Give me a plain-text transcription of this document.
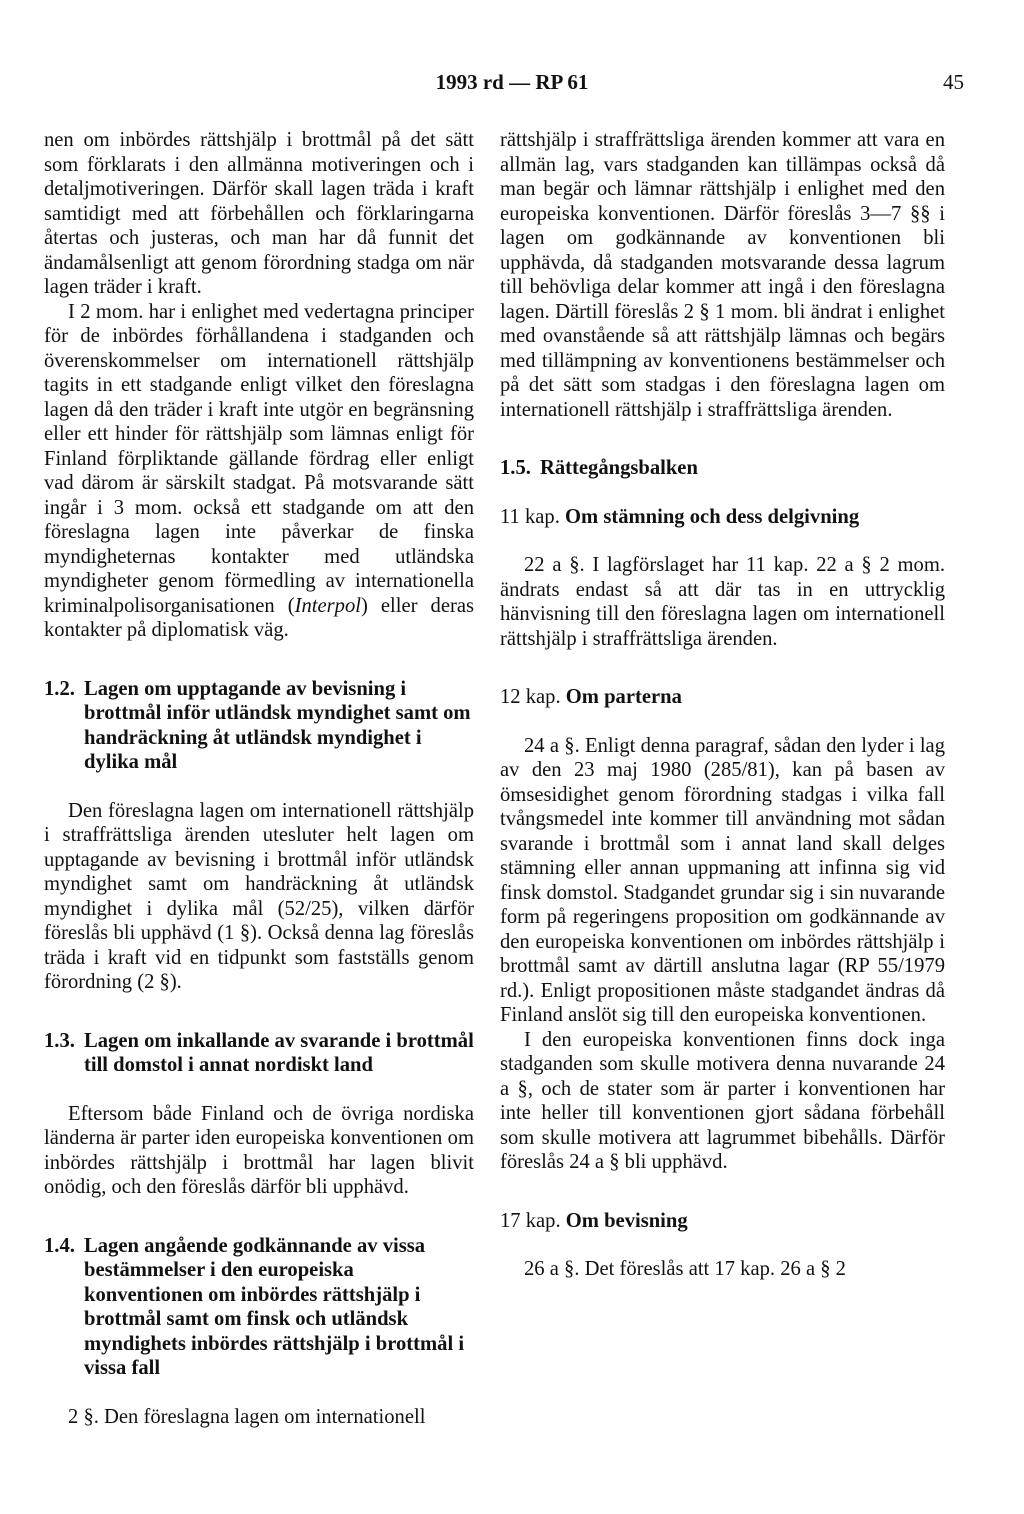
1993 rd — RP 61	45

nen om inbördes rättshjälp i brottmål på det sätt som förklarats i den allmänna motiveringen och i detaljmotiveringen. Därför skall lagen träda i kraft samtidigt med att förbehållen och förklaringarna återtas och justeras, och man har då funnit det ändamålsenligt att genom förordning stadga om när lagen träder i kraft.

I 2 mom. har i enlighet med vedertagna principer för de inbördes förhållandena i stadganden och överenskommelser om internationell rättshjälp tagits in ett stadgande enligt vilket den föreslagna lagen då den träder i kraft inte utgör en begränsning eller ett hinder för rättshjälp som lämnas enligt för Finland förpliktande gällande fördrag eller enligt vad därom är särskilt stadgat. På motsvarande sätt ingår i 3 mom. också ett stadgande om att den föreslagna lagen inte påverkar de finska myndigheternas kontakter med utländska myndigheter genom förmedling av internationella kriminalpolisorganisationen (Interpol) eller deras kontakter på diplomatisk väg.

1.2. Lagen om upptagande av bevisning i brottmål inför utländsk myndighet samt om handräckning åt utländsk myndighet i dylika mål

Den föreslagna lagen om internationell rättshjälp i straffrättsliga ärenden utesluter helt lagen om upptagande av bevisning i brottmål inför utländsk myndighet samt om handräckning åt utländsk myndighet i dylika mål (52/25), vilken därför föreslås bli upphävd (1 §). Också denna lag föreslås träda i kraft vid en tidpunkt som fastställs genom förordning (2 §).

1.3. Lagen om inkallande av svarande i brottmål till domstol i annat nordiskt land

Eftersom både Finland och de övriga nordiska länderna är parter iden europeiska konventionen om inbördes rättshjälp i brottmål har lagen blivit onödig, och den föreslås därför bli upphävd.

1.4. Lagen angående godkännande av vissa bestämmelser i den europeiska konventionen om inbördes rättshjälp i brottmål samt om finsk och utländsk myndighets inbördes rättshjälp i brottmål i vissa fall

2 §. Den föreslagna lagen om internationell

rättshjälp i straffrättsliga ärenden kommer att vara en allmän lag, vars stadganden kan tillämpas också då man begär och lämnar rättshjälp i enlighet med den europeiska konventionen. Därför föreslås 3—7 §§ i lagen om godkännande av konventionen bli upphävda, då stadganden motsvarande dessa lagrum till behövliga delar kommer att ingå i den föreslagna lagen. Därtill föreslås 2 § 1 mom. bli ändrat i enlighet med ovanstående så att rättshjälp lämnas och begärs med tillämpning av konventionens bestämmelser och på det sätt som stadgas i den föreslagna lagen om internationell rättshjälp i straffrättsliga ärenden.

1.5. Rättegångsbalken

11 kap. Om stämning och dess delgivning

22 a §. I lagförslaget har 11 kap. 22 a § 2 mom. ändrats endast så att där tas in en uttrycklig hänvisning till den föreslagna lagen om internationell rättshjälp i straffrättsliga ärenden.

12 kap. Om parterna

24 a §. Enligt denna paragraf, sådan den lyder i lag av den 23 maj 1980 (285/81), kan på basen av ömsesidighet genom förordning stadgas i vilka fall tvångsmedel inte kommer till användning mot sådan svarande i brottmål som i annat land skall delges stämning eller annan uppmaning att infinna sig vid finsk domstol. Stadgandet grundar sig i sin nuvarande form på regeringens proposition om godkännande av den europeiska konventionen om inbördes rättshjälp i brottmål samt av därtill anslutna lagar (RP 55/1979 rd.). Enligt propositionen måste stadgandet ändras då Finland anslöt sig till den europeiska konventionen.

I den europeiska konventionen finns dock inga stadganden som skulle motivera denna nuvarande 24 a §, och de stater som är parter i konventionen har inte heller till konventionen gjort sådana förbehåll som skulle motivera att lagrummet bibehålls. Därför föreslås 24 a § bli upphävd.

17 kap. Om bevisning

26 a §. Det föreslås att 17 kap. 26 a § 2
